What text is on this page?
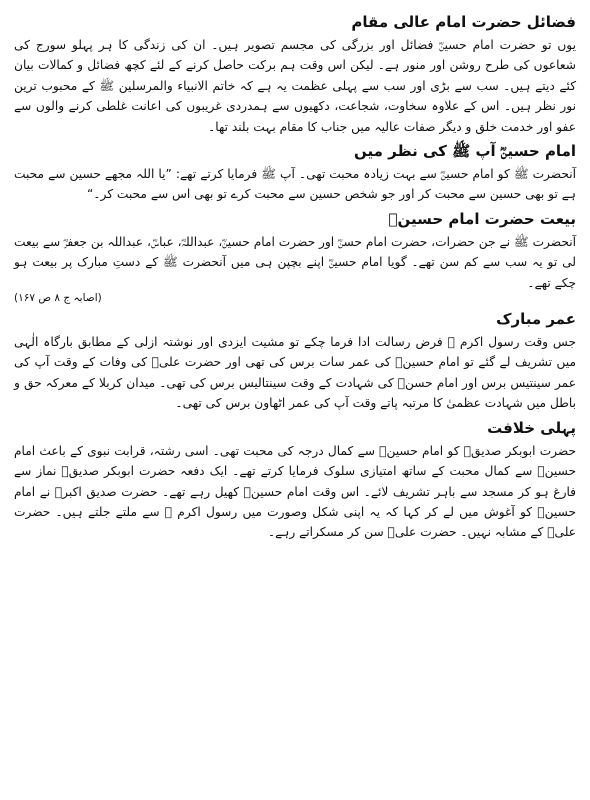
فضائل حضرت امام عالی مقام

یوں تو حضرت امام حسینؓ فضائل اور بزرگی کی مجسم تصویر ہیں۔ ان کی زندگی کا ہر پہلو سورج کی شعاعوں کی طرح روشن اور منور ہے۔ لیکن اس وقت ہم برکت حاصل کرنے کے لئے کچھ فضائل و کمالات بیان کئے دیتے ہیں۔ سب سے بڑی اور سب سے پہلی عظمت یہ ہے کہ خاتم الانبیاء والمرسلین ﷺ کے محبوب ترین نور نظر ہیں۔ اس کے علاوہ سخاوت، شجاعت، دکھیوں سے ہمدردی غریبوں کی اعانت غلطی کرنے والوں سے عفو اور خدمت خلق و دیگر صفات عالیہ میں جناب کا مقام بہت بلند تھا۔

امام حسینؓ آپ ﷺ کی نظر میں

آنحضرت ﷺ کو امام حسینؓ سے بہت زیادہ محبت تھی۔ آپ ﷺ فرمایا کرتے تھے: ”یا اللہ مجھے حسین سے محبت ہے تو بھی حسین سے محبت کر اور جو شخص حسین سے محبت کرے تو بھی اس سے محبت کر۔“

بیعت حضرت امام حسینؓ

آنحضرت ﷺ نے جن حضرات، حضرت امام حسنؓ اور حضرت امام حسینؓ، عبداللہؓ، عباسؓ، عبداللہ بن جعفرؓ سے بیعت لی تو یہ سب سے کم سن تھے۔ گویا امام حسینؓ اپنے بچپن ہی میں آنحضرت ﷺ کے دستِ مبارک پر بیعت ہو چکے تھے۔

(اصابہ ج ۸ ص ۱۶۷)

عمر مبارک

جس وقت رسول اکرم ﷺ فرض رسالت ادا فرما چکے تو مشیت ایزدی اور نوشتہ ازلی کے مطابق بارگاہ الٰہی میں تشریف لے گئے تو امام حسینؓ کی عمر سات برس کی تھی اور حضرت علیؓ کی وفات کے وقت آپ کی عمر سینتیس برس اور امام حسنؓ کی شہادت کے وقت سینتالیس برس کی تھی۔ میدان کربلا کے معرکہ حق و باطل میں شہادت عظمیٰ کا مرتبہ پاتے وقت آپ کی عمر اٹھاون برس کی تھی۔

پہلی خلافت

حضرت ابوبکر صدیقؓ کو امام حسینؓ سے کمال درجہ کی محبت تھی۔ اسی رشتہ، قرابت نبوی کے باعث امام حسینؓ سے کمال محبت کے ساتھ امتیازی سلوک فرمایا کرتے تھے۔ ایک دفعہ حضرت ابوبکر صدیقؓ نماز سے فارغ ہو کر مسجد سے باہر تشریف لائے۔ اس وقت امام حسینؓ کھیل رہے تھے۔ حضرت صدیق اکبرؓ نے امام حسینؓ کو آغوش میں لے کر کہا کہ یہ اپنی شکل وصورت میں رسول اکرم ﷺ سے ملتے جلتے ہیں۔ حضرت علیؓ کے مشابہ نہیں۔ حضرت علیؓ سن کر مسکراتے رہے۔
